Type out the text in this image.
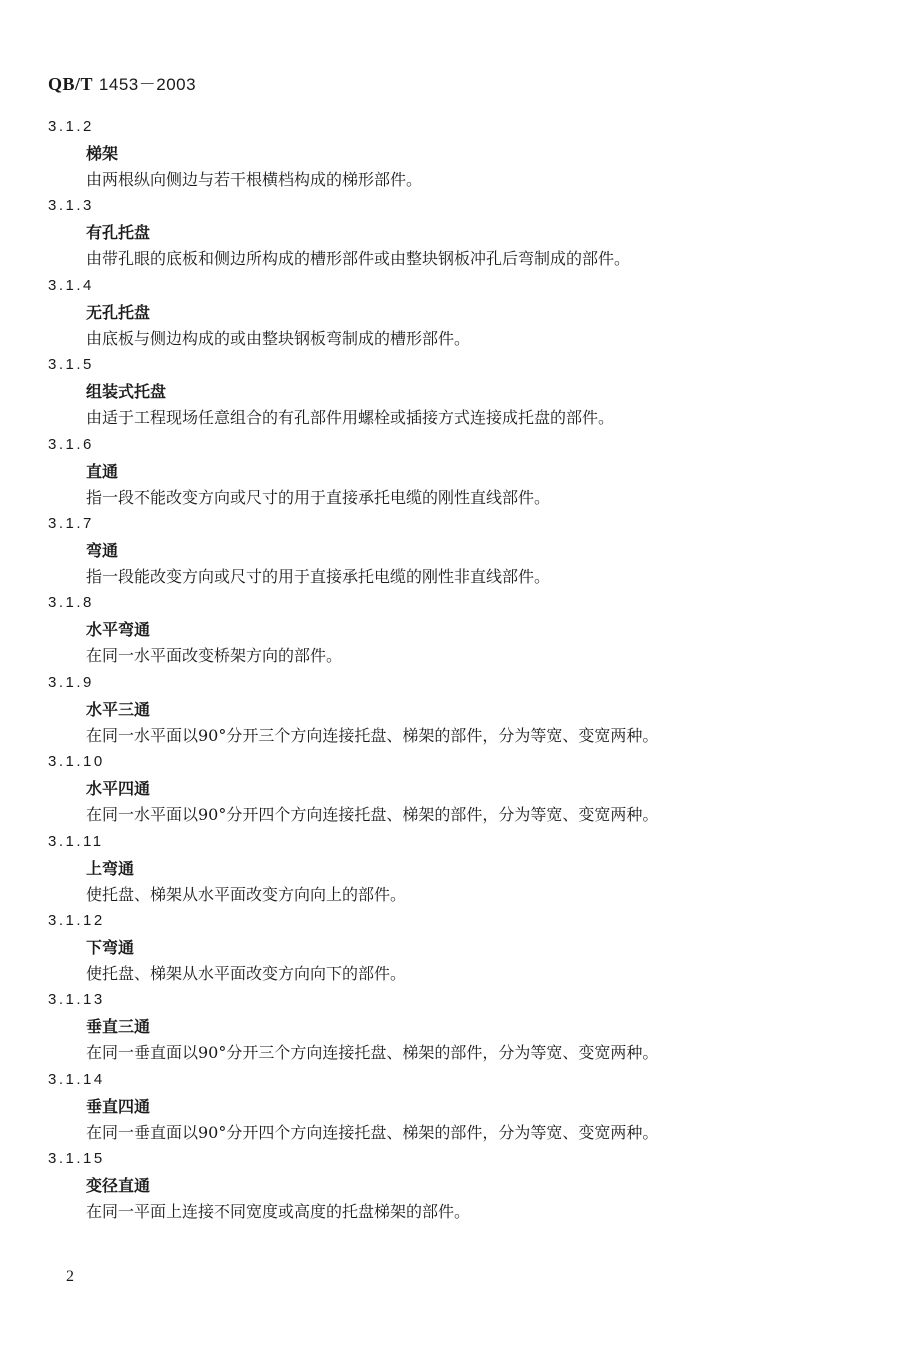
QB/T 1453－2003
3.1.2
梯架
由两根纵向侧边与若干根横档构成的梯形部件。
3.1.3
有孔托盘
由带孔眼的底板和侧边所构成的槽形部件或由整块钢板冲孔后弯制成的部件。
3.1.4
无孔托盘
由底板与侧边构成的或由整块钢板弯制成的槽形部件。
3.1.5
组装式托盘
由适于工程现场任意组合的有孔部件用螺栓或插接方式连接成托盘的部件。
3.1.6
直通
指一段不能改变方向或尺寸的用于直接承托电缆的刚性直线部件。
3.1.7
弯通
指一段能改变方向或尺寸的用于直接承托电缆的刚性非直线部件。
3.1.8
水平弯通
在同一水平面改变桥架方向的部件。
3.1.9
水平三通
在同一水平面以90°分开三个方向连接托盘、梯架的部件，分为等宽、变宽两种。
3.1.10
水平四通
在同一水平面以90°分开四个方向连接托盘、梯架的部件，分为等宽、变宽两种。
3.1.11
上弯通
使托盘、梯架从水平面改变方向向上的部件。
3.1.12
下弯通
使托盘、梯架从水平面改变方向向下的部件。
3.1.13
垂直三通
在同一垂直面以90°分开三个方向连接托盘、梯架的部件，分为等宽、变宽两种。
3.1.14
垂直四通
在同一垂直面以90°分开四个方向连接托盘、梯架的部件，分为等宽、变宽两种。
3.1.15
变径直通
在同一平面上连接不同宽度或高度的托盘梯架的部件。
2
